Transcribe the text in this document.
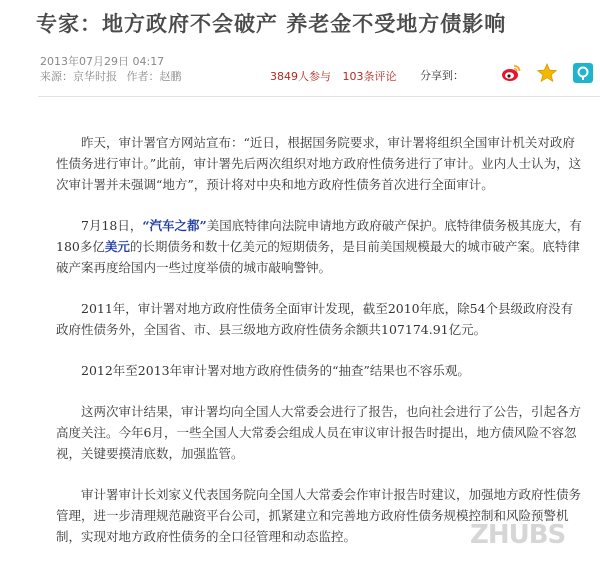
专家：地方政府不会破产 养老金不受地方债影响
2013年07月29日 04:17
来源：京华时报 作者：赵鹏	3849人参与 103条评论	分享到：

昨天，审计署官方网站宣布：“近日，根据国务院要求，审计署将组织全国审计机关对政府性债务进行审计。”此前，审计署先后两次组织对地方政府性债务进行了审计。业内人士认为，这次审计署并未强调“地方”，预计将对中央和地方政府性债务首次进行全面审计。

7月18日，“汽车之都”美国底特律向法院申请地方政府破产保护。底特律债务极其庞大，有180多亿美元的长期债务和数十亿美元的短期债务，是目前美国规模最大的城市破产案。底特律破产案再度给国内一些过度举债的城市敲响警钟。

2011年，审计署对地方政府性债务全面审计发现，截至2010年底，除54个县级政府没有政府性债务外，全国省、市、县三级地方政府性债务余额共107174.91亿元。

2012年至2013年审计署对地方政府性债务的“抽查”结果也不容乐观。

这两次审计结果，审计署均向全国人大常委会进行了报告，也向社会进行了公告，引起各方高度关注。今年6月，一些全国人大常委会组成人员在审议审计报告时提出，地方债风险不容忽视，关键要摸清底数，加强监管。

审计署审计长刘家义代表国务院向全国人大常委会作审计报告时建议，加强地方政府性债务管理，进一步清理规范融资平台公司，抓紧建立和完善地方政府性债务规模控制和风险预警机制，实现对地方政府性债务的全口径管理和动态监控。	ZHUBS
